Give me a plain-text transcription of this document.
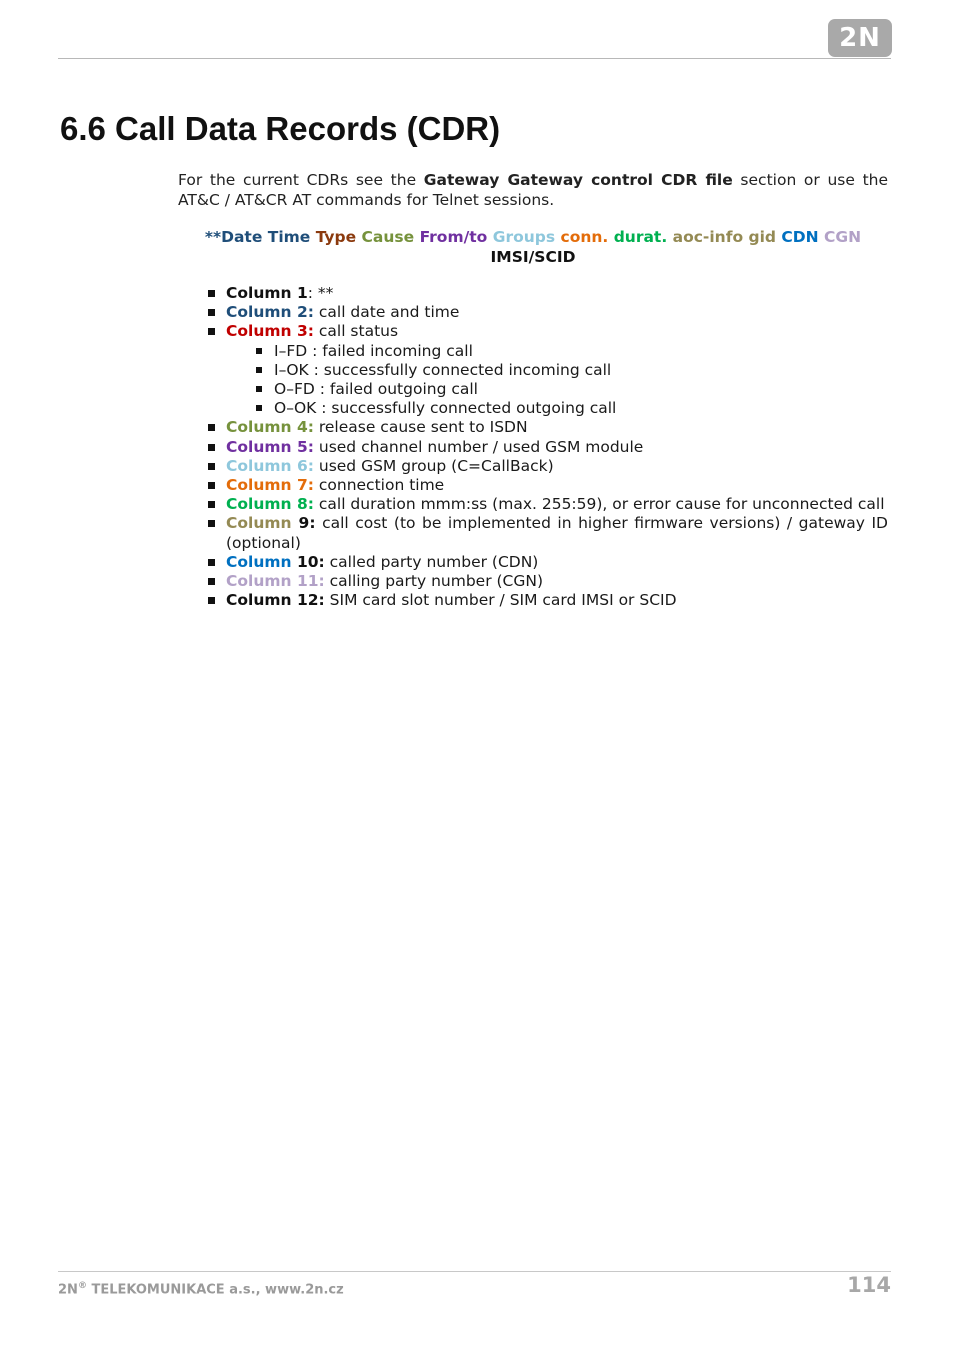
2N
6.6 Call Data Records (CDR)

For the current CDRs see the Gateway Gateway control CDR file section or use the AT&C / AT&CR AT commands for Telnet sessions.

**Date Time Type Cause From/to Groups conn. durat. aoc-info gid CDN CGN
IMSI/SCID
Column 1: **
Column 2: call date and time
Column 3: call status
I–FD : failed incoming call
I–OK : successfully connected incoming call
O–FD : failed outgoing call
O–OK : successfully connected outgoing call
Column 4: release cause sent to ISDN
Column 5: used channel number / used GSM module
Column 6: used GSM group (C=CallBack)
Column 7: connection time
Column 8: call duration mmm:ss (max. 255:59), or error cause for unconnected call
Column 9: call cost (to be implemented in higher firmware versions) / gateway ID (optional)
Column 10: called party number (CDN)
Column 11: calling party number (CGN)
Column 12: SIM card slot number / SIM card IMSI or SCID
2N® TELEKOMUNIKACE a.s., www.2n.cz	114
